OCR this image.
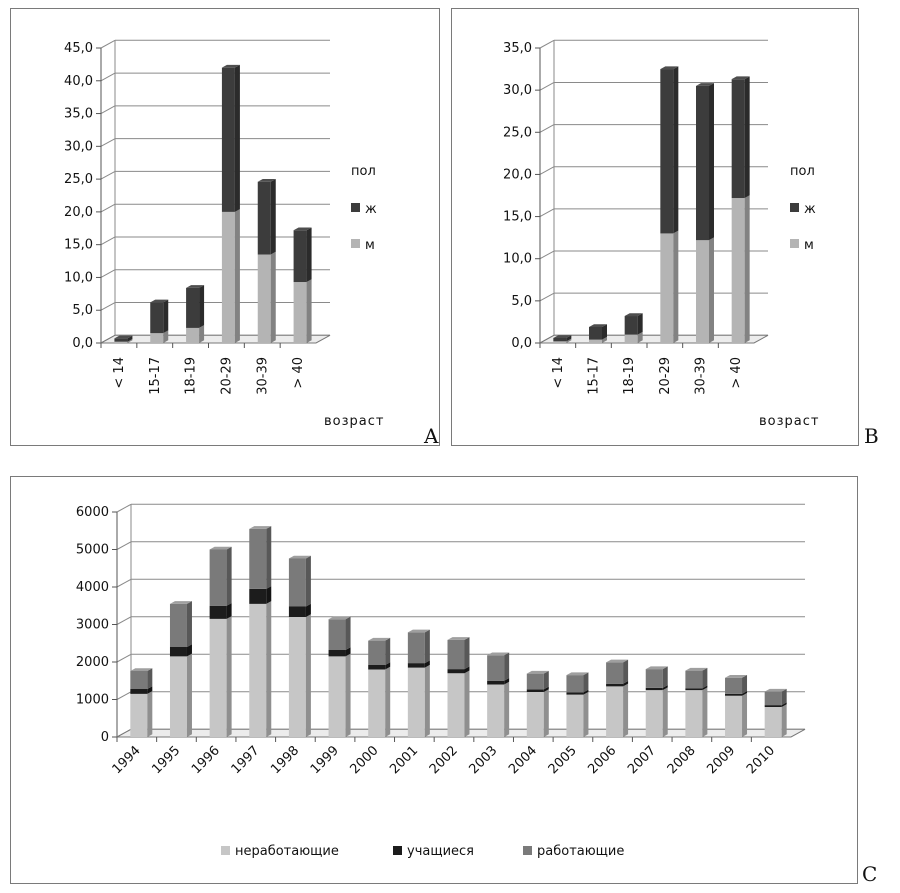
0,0
5,0
10,0
15,0
20,0
25,0
30,0
35,0
40,0
45,0
< 14 15-17 18-19 20-29 30-39 > 40
пол
ж
м
возраст
0,0
5,0
10,0
15,0
20,0
25,0
30,0
35,0
< 14 15-17 18-19 20-29 30-39 > 40
пол
ж
м
возраст
0
1000
2000
3000
4000
5000
6000
1994 1995 1996 1997 1998 1999 2000 2001 2002 2003 2004 2005 2006 2007 2008 2009 2010
неработающие	учащиеся	работающие
A	B
C
